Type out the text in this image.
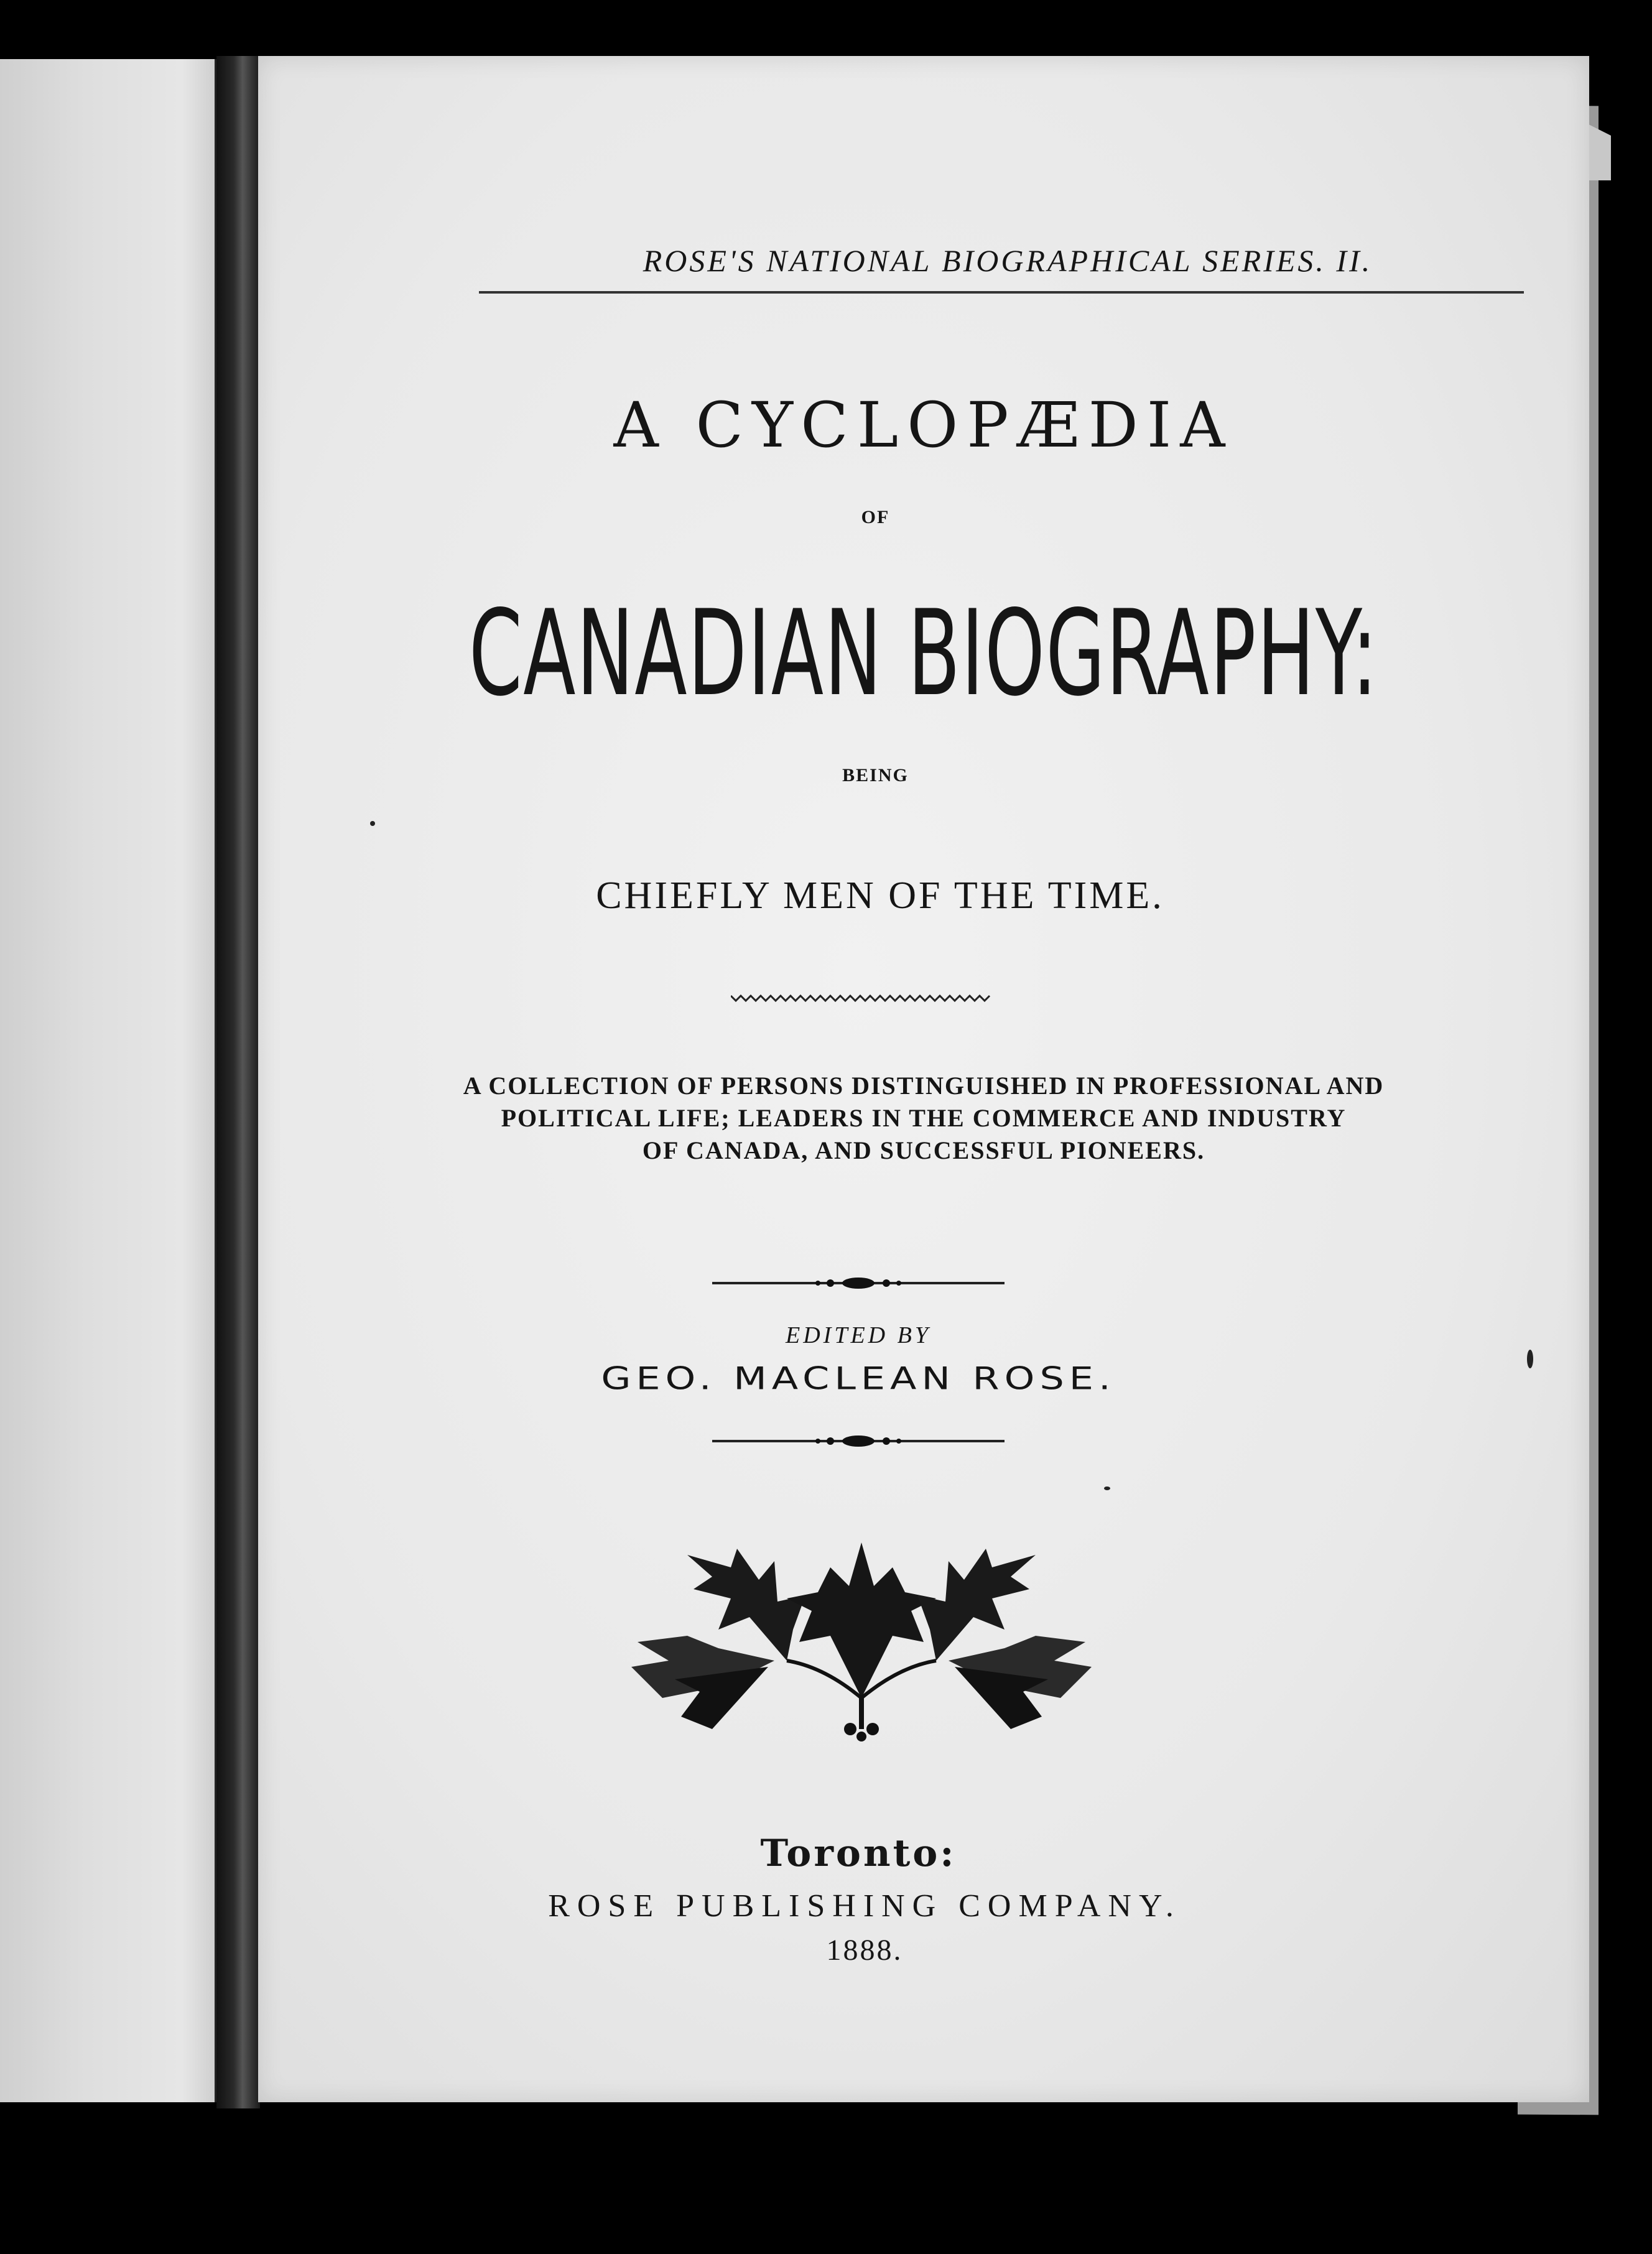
ROSE'S NATIONAL BIOGRAPHICAL SERIES. II.
A CYCLOPÆDIA
OF
CANADIAN BIOGRAPHY:
BEING
CHIEFLY MEN OF THE TIME.
A COLLECTION OF PERSONS DISTINGUISHED IN PROFESSIONAL AND
POLITICAL LIFE; LEADERS IN THE COMMERCE AND INDUSTRY
OF CANADA, AND SUCCESSFUL PIONEERS.
EDITED BY
GEO. MACLEAN ROSE.
Toronto:
ROSE PUBLISHING COMPANY.
1888.
